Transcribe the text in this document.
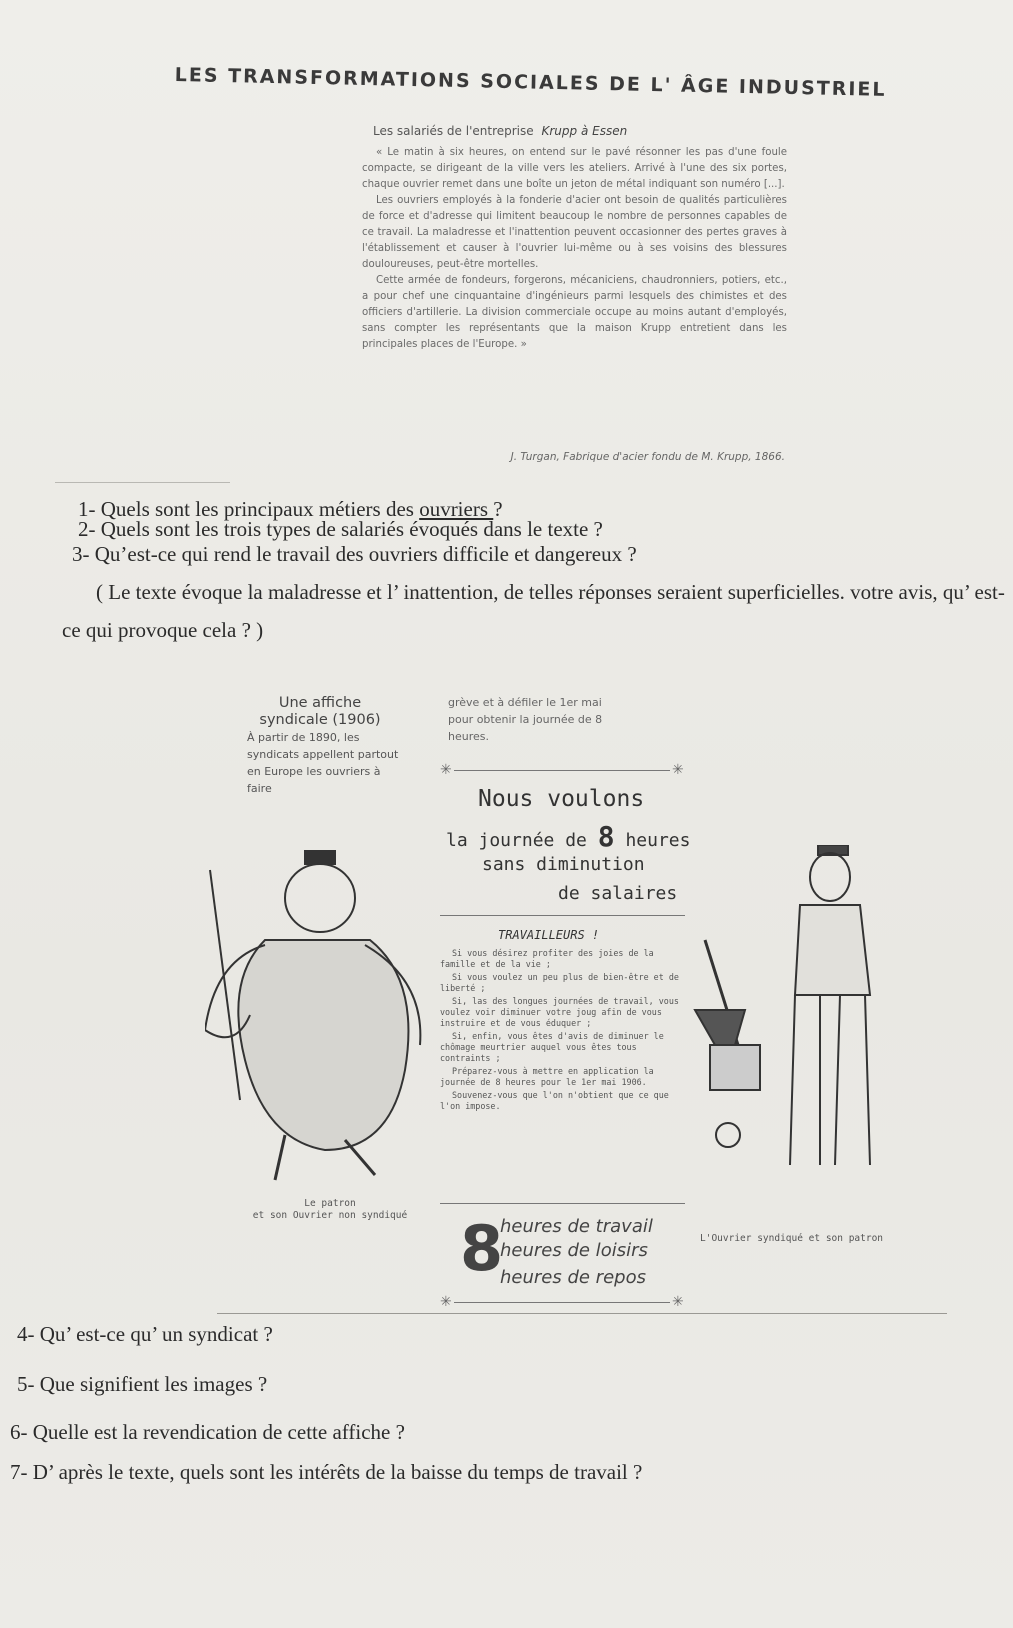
LES TRANSFORMATIONS SOCIALES DE L' ÂGE INDUSTRIEL
Les salariés de l'entreprise Krupp à Essen

« Le matin à six heures, on entend sur le pavé résonner les pas d'une foule compacte, se dirigeant de la ville vers les ateliers. Arrivé à l'une des six portes, chaque ouvrier remet dans une boîte un jeton de métal indiquant son numéro [...].

Les ouvriers employés à la fonderie d'acier ont besoin de qualités particulières de force et d'adresse qui limitent beaucoup le nombre de personnes capables de ce travail. La maladresse et l'inattention peuvent occasionner des pertes graves à l'établissement et causer à l'ouvrier lui-même ou à ses voisins des blessures douloureuses, peut-être mortelles.

Cette armée de fondeurs, forgerons, mécaniciens, chaudronniers, potiers, etc., a pour chef une cinquantaine d'ingénieurs parmi lesquels des chimistes et des officiers d'artillerie. La division commerciale occupe au moins autant d'employés, sans compter les représentants que la maison Krupp entretient dans les principales places de l'Europe. »

J. Turgan, Fabrique d'acier fondu de M. Krupp, 1866.
1- Quels sont les principaux métiers des ouvriers ?
2- Quels sont les trois types de salariés évoqués dans le texte ?
3- Qu’est-ce qui rend le travail des ouvriers difficile et dangereux ?
( Le texte évoque la maladresse et l’ inattention, de telles réponses seraient superficielles. votre avis, qu’ est-ce qui provoque cela ? )
Une affiche syndicale (1906)
À partir de 1890, les syndicats appellent partout en Europe les ouvriers à faire
grève et à défiler le 1er mai pour obtenir la journée de 8 heures.
✳	✳
Nous voulons
la journée de 8 heures
sans diminution
de salaires
TRAVAILLEURS !

Si vous désirez profiter des joies de la famille et de la vie ;

Si vous voulez un peu plus de bien-être et de liberté ;

Si, las des longues journées de travail, vous voulez voir diminuer votre joug afin de vous instruire et de vous éduquer ;

Si, enfin, vous êtes d'avis de diminuer le chômage meurtrier auquel vous êtes tous contraints ;

Préparez-vous à mettre en application la journée de 8 heures pour le 1er mai 1906.

Souvenez-vous que l'on n'obtient que ce que l'on impose.

8
heures de travail
heures de loisirs
heures de repos
✳	✳
Le patron
et son Ouvrier non syndiqué
L'Ouvrier syndiqué et son patron
4- Qu’ est-ce qu’ un syndicat ?
5- Que signifient les images ?
6- Quelle est la revendication de cette affiche ?
7- D’ après le texte, quels sont les intérêts de la baisse du temps de travail ?
